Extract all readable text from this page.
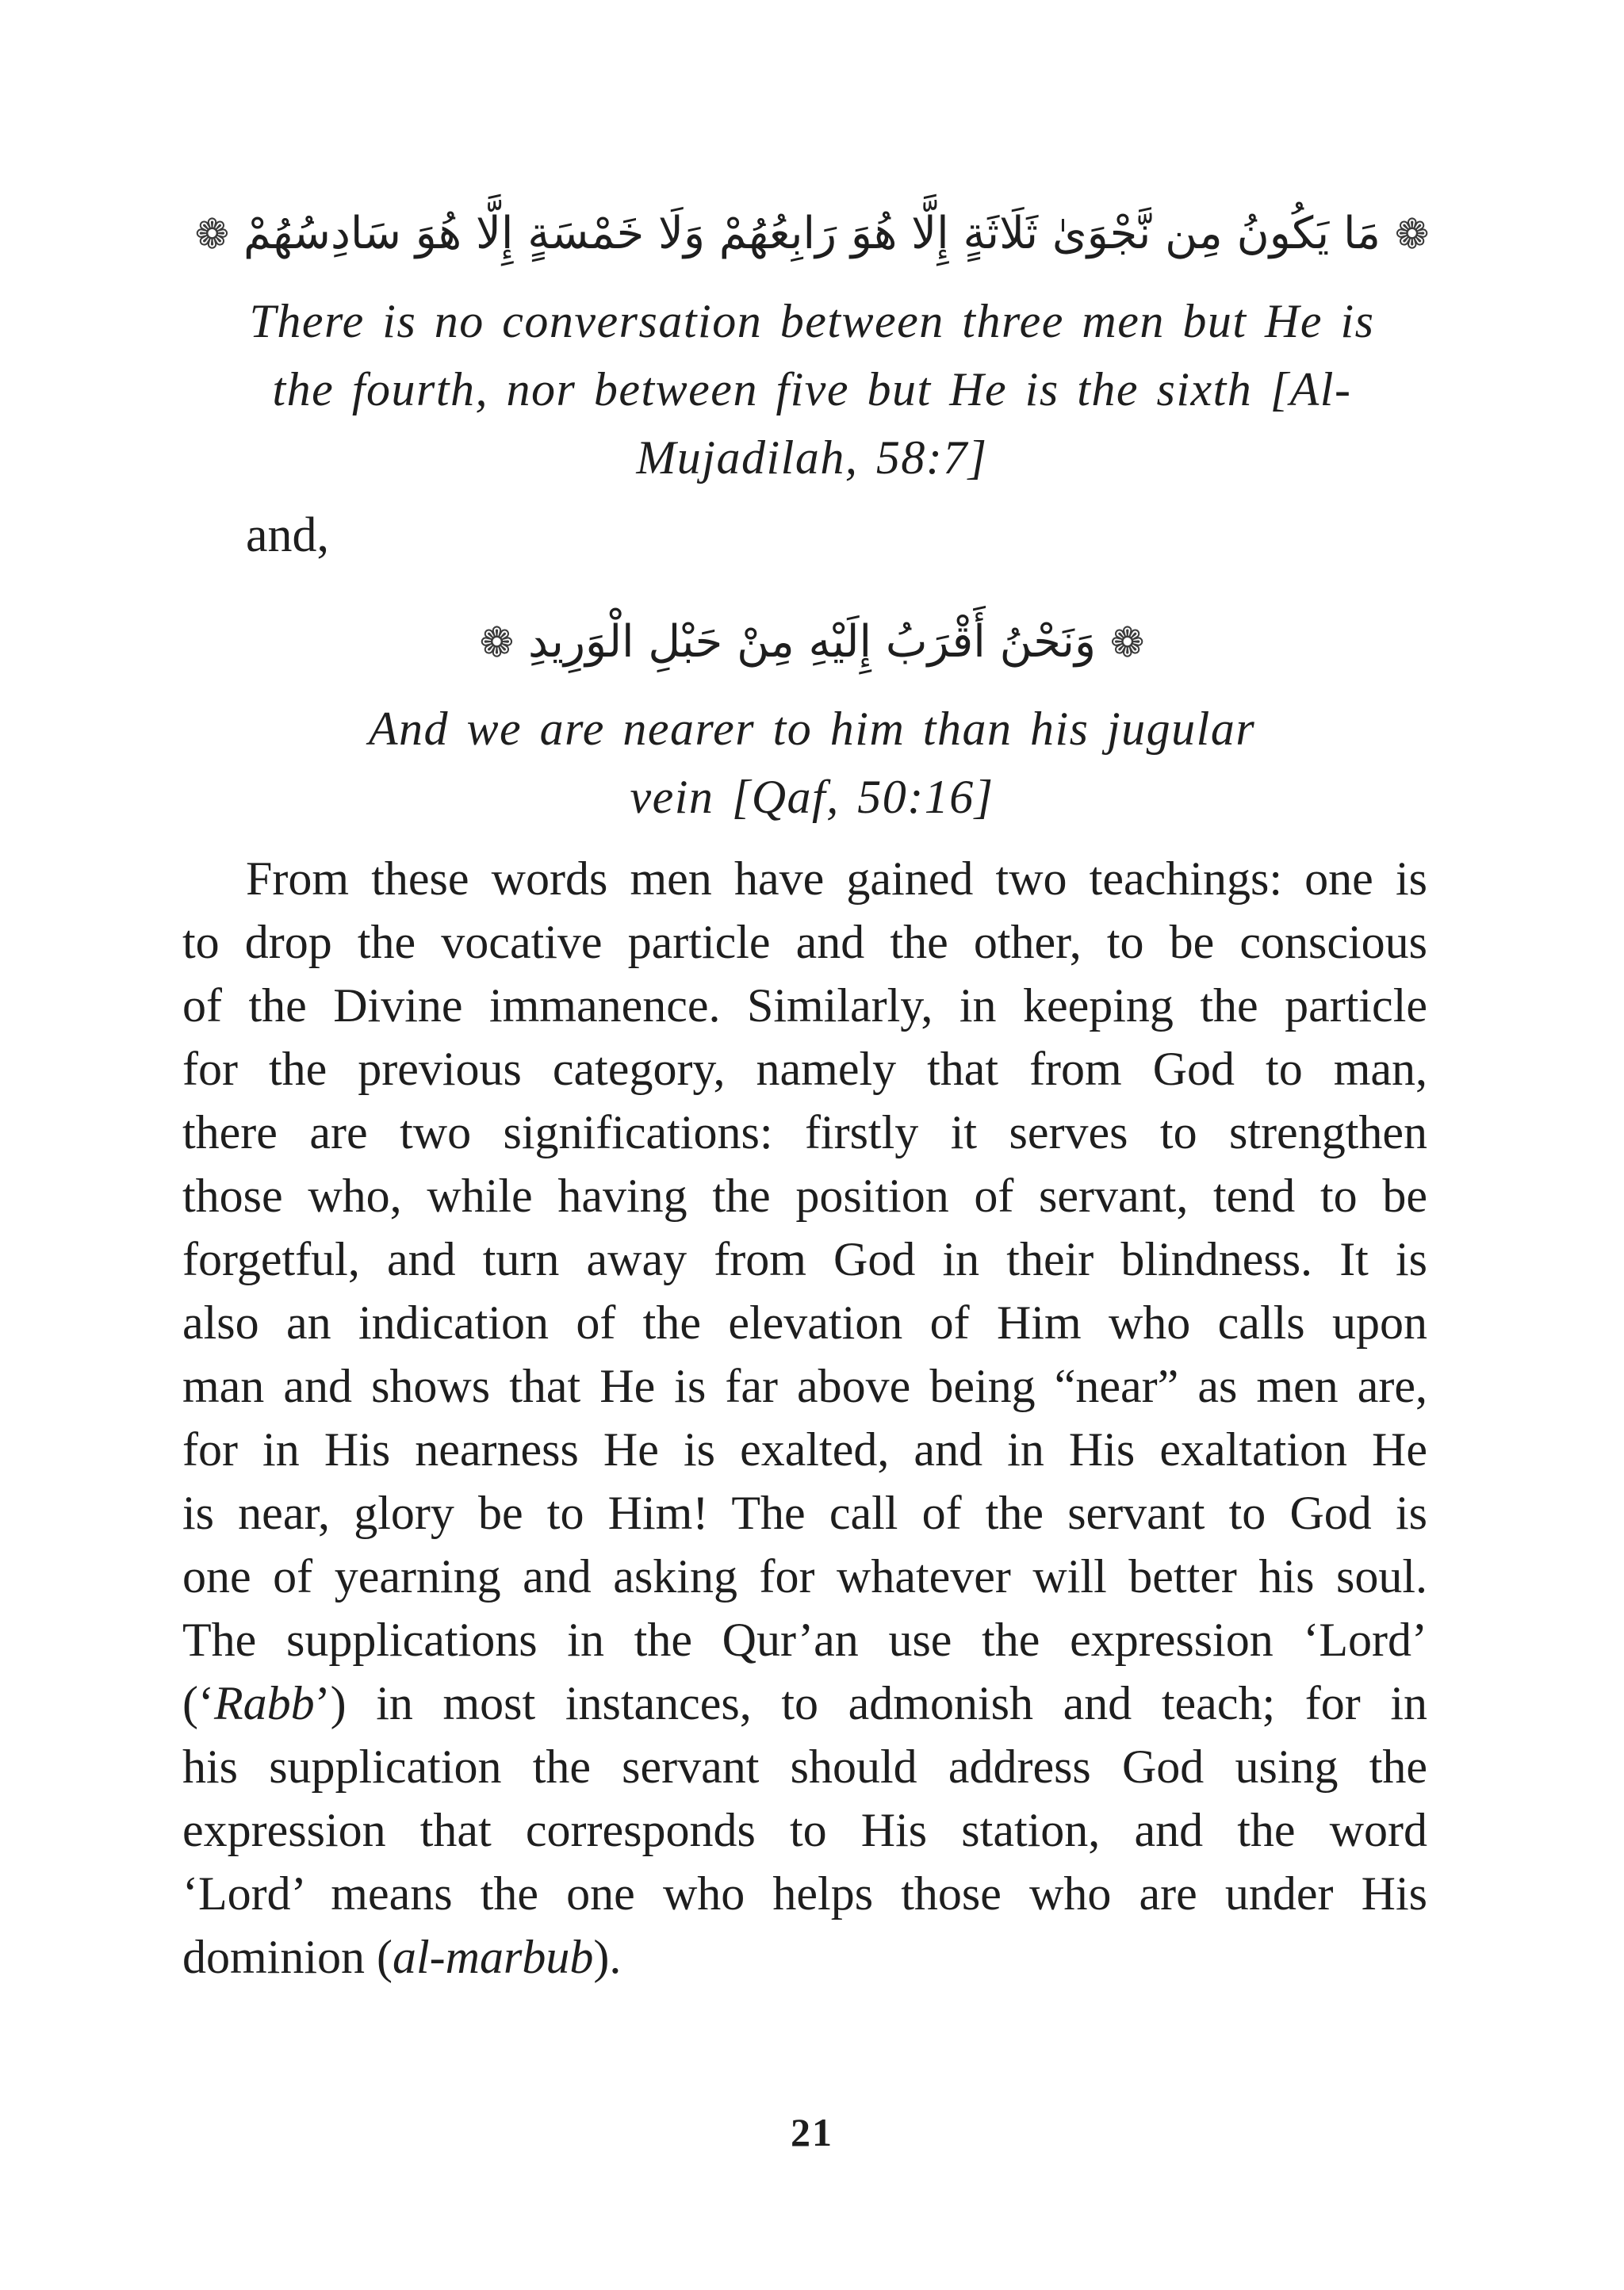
❁ مَا يَكُونُ مِن نَّجْوَىٰ ثَلَاثَةٍ إِلَّا هُوَ رَابِعُهُمْ وَلَا خَمْسَةٍ إِلَّا هُوَ سَادِسُهُمْ ❁
There is no conversation between three men but He is
the fourth, nor between five but He is the sixth [Al-
Mujadilah, 58:7]
and,
❁ وَنَحْنُ أَقْرَبُ إِلَيْهِ مِنْ حَبْلِ الْوَرِيدِ ❁
And we are nearer to him than his jugular
vein [Qaf, 50:16]
From these words men have gained two teachings: one is
to drop the vocative particle and the other, to be conscious
of the Divine immanence. Similarly, in keeping the particle
for the previous category, namely that from God to man,
there are two significations: firstly it serves to strengthen
those who, while having the position of servant, tend to be
forgetful, and turn away from God in their blindness. It is
also an indication of the elevation of Him who calls upon
man and shows that He is far above being “near” as men are,
for in His nearness He is exalted, and in His exaltation He
is near, glory be to Him! The call of the servant to God is
one of yearning and asking for whatever will better his soul.
The supplications in the Qur’an use the expression ‘Lord’
(‘Rabb’) in most instances, to admonish and teach; for in
his supplication the servant should address God using the
expression that corresponds to His station, and the word
‘Lord’ means the one who helps those who are under His
dominion (al-marbub).
21
